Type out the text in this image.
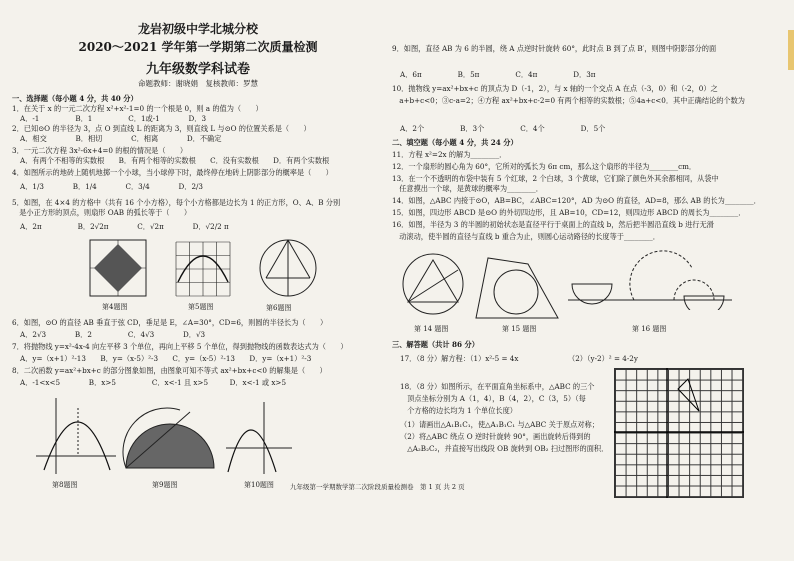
龙岩初级中学北城分校
2020～2021 学年第一学期第二次质量检测
九年级数学科试卷
命题教师：谢晓娟　复核教师：罗慧
一、选择题（每小题 4 分，共 40 分）
1．在关于 x 的一元二次方程 x²+x²-1=0 的一个根是 0，则 a 的值为（　　）
A．-1　　　　　B．1　　　　　C．1或-1　　　　D．3
2．已知⊙O 的半径为 3，点 O 到直线 L 的距离为 3，则直线 L 与⊙O 的位置关系是（　　）
A．相交　　　　B．相切　　　　C．相离　　　　D．不确定
3．一元二次方程 3x²-6x+4=0 的根的情况是（　　）
A．有两个不相等的实数根　　B．有两个相等的实数根　　C．没有实数根　　D．有两个实数根
4．如图所示的地砖上随机地掷一个小球，当小球停下时，最终停在地砖上阴影部分的概率是（　　）
A．1/3　　　　B．1/4　　　　C．3/4　　　　D．2/3
5．如图，在 4×4 的方格中（共有 16 个小方格），每个小方格都是边长为 1 的正方形，O、A、B 分别
　是小正方形的顶点，则扇形 OAB 的弧长等于（　　）
A．2π　　　　　B．2√2π　　　　C．√2π　　　　D．√2/2 π
第4题图	第5题图	第6题图
6．如图，⊙O 的直径 AB 垂直于弦 CD，垂足是 E，∠A=30°，CD=6，则圆的半径长为（　　）
A．2√3　　　　B．2　　　　　C．4√3　　　　D．√3
7．将抛物线 y=x²-4x-4 向左平移 3 个单位，再向上平移 5 个单位，得到抛物线的函数表达式为（　　）
A．y=（x+1）²-13　　B．y=（x-5）²-3　　C．y=（x-5）²-13　　D．y=（x+1）²-3
8．二次函数 y=ax²+bx+c 的部分图象如图，由图象可知不等式 ax²+bx+c<0 的解集是（　　）
A．-1<x<5　　　　B．x>5　　　　　C．x<-1 且 x>5　　　D．x<-1 或 x>5
第8题图	第9题图	第10题图
9．如图，直径 AB 为 6 的半圆，绕 A 点逆时针旋转 60°，此时点 B 到了点 B′，则图中阴影部分的面
A．6π　　　　　B．5π　　　　　C．4π　　　　　D．3π
10．抛物线 y=ax²+bx+c 的顶点为 D（-1，2），与 x 轴的一个交点 A 在点（-3，0）和（-2，0）之
　a+b+c<0；③c-a=2；④方程 ax²+bx+c-2=0 有两个相等的实数根；⑤4a+c<0．其中正确结论的个数为
A．2个　　　　　B．3个　　　　　C．4个　　　　　D．5个
二、填空题（每小题 4 分，共 24 分）
11．方程 x²=2x 的解为________．
12．一个扇形的圆心角为 60°，它所对的弧长为 6π cm，那么这个扇形的半径为________cm．
13．在一个不透明的布袋中装有 5 个红球，2 个白球，3 个黄球，它们除了颜色外其余都相同，从袋中
　任意摸出一个球，是黄球的概率为________．
14．如图，△ABC 内接于⊙O，AB=BC，∠ABC=120°，AD 为⊙O 的直径，AD=8，那么 AB 的长为________．
15．如图，四边形 ABCD 是⊙O 的外切四边形，且 AB=10，CD=12，则四边形 ABCD 的周长为________．
16．如图，半径为 3 的半圆的初始状态是直径平行于桌面上的直线 b，然后把半圆沿直线 b 进行无滑
　动滚动，使半圆的直径与直线 b 重合为止，则圆心运动路径的长度等于________．
第 14 题图	第 15 题图	第 16 题图
三、解答题（共计 86 分）
17．（8 分）解方程：（1）x²-5 = 4x	（2）（y-2）² = 4-2y
18．（8 分）如图所示，在平面直角坐标系中，△ABC 的三个
　顶点坐标分别为 A（1，4），B（4，2），C（3，5）（每
　个方格的边长均为 1 个单位长度）
（1）请画出△A₁B₁C₁，使△A₁B₁C₁ 与△ABC 关于原点对称；
（2）将△ABC 绕点 O 逆时针旋转 90°，画出旋转后得到的
　△A₂B₂C₂，并直接写出线段 OB 旋转到 OB₂ 扫过图形的面积．
九年级第一学期数学第二次阶段质量检测卷　第 1 页 共 2 页
